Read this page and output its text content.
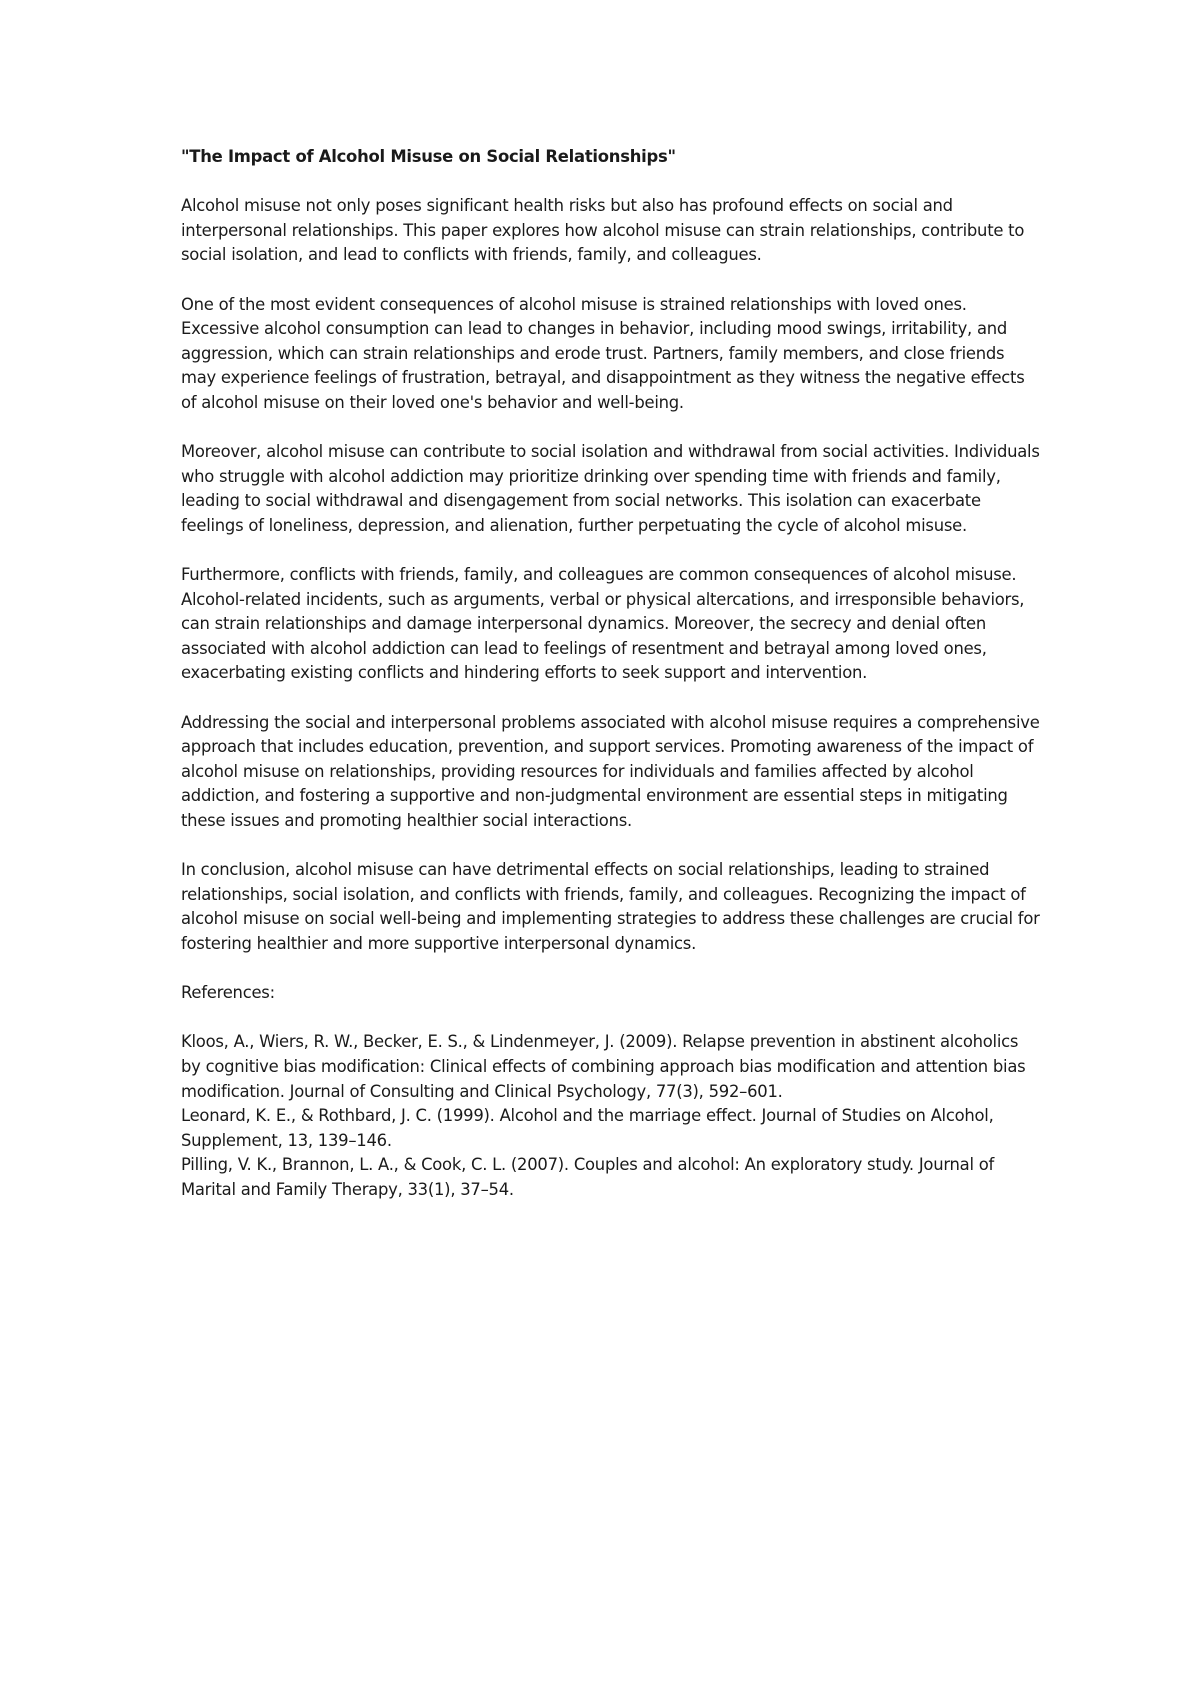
"The Impact of Alcohol Misuse on Social Relationships"

Alcohol misuse not only poses significant health risks but also has profound effects on social and interpersonal relationships. This paper explores how alcohol misuse can strain relationships, contribute to social isolation, and lead to conflicts with friends, family, and colleagues.

One of the most evident consequences of alcohol misuse is strained relationships with loved ones. Excessive alcohol consumption can lead to changes in behavior, including mood swings, irritability, and aggression, which can strain relationships and erode trust. Partners, family members, and close friends may experience feelings of frustration, betrayal, and disappointment as they witness the negative effects of alcohol misuse on their loved one's behavior and well-being.

Moreover, alcohol misuse can contribute to social isolation and withdrawal from social activities. Individuals who struggle with alcohol addiction may prioritize drinking over spending time with friends and family, leading to social withdrawal and disengagement from social networks. This isolation can exacerbate feelings of loneliness, depression, and alienation, further perpetuating the cycle of alcohol misuse.

Furthermore, conflicts with friends, family, and colleagues are common consequences of alcohol misuse. Alcohol-related incidents, such as arguments, verbal or physical altercations, and irresponsible behaviors, can strain relationships and damage interpersonal dynamics. Moreover, the secrecy and denial often associated with alcohol addiction can lead to feelings of resentment and betrayal among loved ones, exacerbating existing conflicts and hindering efforts to seek support and intervention.

Addressing the social and interpersonal problems associated with alcohol misuse requires a comprehensive approach that includes education, prevention, and support services. Promoting awareness of the impact of alcohol misuse on relationships, providing resources for individuals and families affected by alcohol addiction, and fostering a supportive and non-judgmental environment are essential steps in mitigating these issues and promoting healthier social interactions.

In conclusion, alcohol misuse can have detrimental effects on social relationships, leading to strained relationships, social isolation, and conflicts with friends, family, and colleagues. Recognizing the impact of alcohol misuse on social well-being and implementing strategies to address these challenges are crucial for fostering healthier and more supportive interpersonal dynamics.

References:

Kloos, A., Wiers, R. W., Becker, E. S., & Lindenmeyer, J. (2009). Relapse prevention in abstinent alcoholics by cognitive bias modification: Clinical effects of combining approach bias modification and attention bias modification. Journal of Consulting and Clinical Psychology, 77(3), 592–601.
Leonard, K. E., & Rothbard, J. C. (1999). Alcohol and the marriage effect. Journal of Studies on Alcohol, Supplement, 13, 139–146.
Pilling, V. K., Brannon, L. A., & Cook, C. L. (2007). Couples and alcohol: An exploratory study. Journal of Marital and Family Therapy, 33(1), 37–54.
